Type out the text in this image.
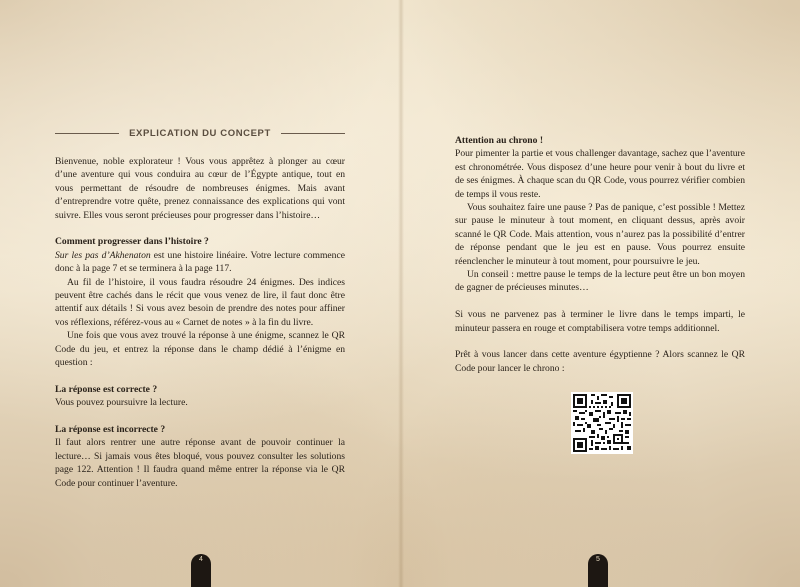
EXPLICATION DU CONCEPT

Bienvenue, noble explorateur ! Vous vous apprêtez à plonger au cœur d’une aventure qui vous conduira au cœur de l’Égypte antique, tout en vous permettant de résoudre de nombreuses énigmes. Mais avant d’entreprendre votre quête, prenez connaissance des explications qui vont suivre. Elles vous seront précieuses pour progresser dans l’histoire…

Comment progresser dans l’histoire ?

Sur les pas d’Akhenaton est une histoire linéaire. Votre lecture commence donc à la page 7 et se terminera à la page 117.

Au fil de l’histoire, il vous faudra résoudre 24 énigmes. Des indices peuvent être cachés dans le récit que vous venez de lire, il faut donc être attentif aux détails ! Si vous avez besoin de prendre des notes pour affiner vos réflexions, référez-vous au « Carnet de notes » à la fin du livre.

Une fois que vous avez trouvé la réponse à une énigme, scannez le QR Code du jeu, et entrez la réponse dans le champ dédié à l’énigme en question :

La réponse est correcte ?

Vous pouvez poursuivre la lecture.

La réponse est incorrecte ?

Il faut alors rentrer une autre réponse avant de pouvoir continuer la lecture… Si jamais vous êtes bloqué, vous pouvez consulter les solutions page 122. Attention ! Il faudra quand même entrer la réponse via le QR Code pour continuer l’aventure.

4

Attention au chrono !

Pour pimenter la partie et vous challenger davantage, sachez que l’aventure est chronométrée. Vous disposez d’une heure pour venir à bout du livre et de ses énigmes. À chaque scan du QR Code, vous pourrez vérifier combien de temps il vous reste.

Vous souhaitez faire une pause ? Pas de panique, c’est possible ! Mettez sur pause le minuteur à tout moment, en cliquant dessus, après avoir scanné le QR Code. Mais attention, vous n’aurez pas la possibilité d’entrer de réponse pendant que le jeu est en pause. Vous pourrez ensuite réenclencher le minuteur à tout moment, pour poursuivre le jeu.

Un conseil : mettre pause le temps de la lecture peut être un bon moyen de gagner de précieuses minutes…

Si vous ne parvenez pas à terminer le livre dans le temps imparti, le minuteur passera en rouge et comptabilisera votre temps additionnel.

Prêt à vous lancer dans cette aventure égyptienne ? Alors scannez le QR Code pour lancer le chrono :

5
